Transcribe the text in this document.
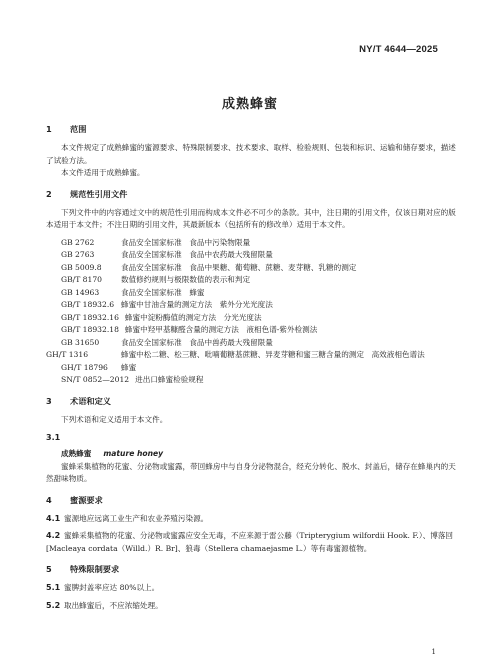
NY/T 4644—2025
成熟蜂蜜
1 范围

本文件规定了成熟蜂蜜的蜜源要求、特殊限制要求、技术要求、取样、检验规则、包装和标识、运输和储存要求，描述了试验方法。

本文件适用于成熟蜂蜜。

2 规范性引用文件

下列文件中的内容通过文中的规范性引用而构成本文件必不可少的条款。其中，注日期的引用文件，仅该日期对应的版本适用于本文件；不注日期的引用文件，其最新版本（包括所有的修改单）适用于本文件。

GB 2762	食品安全国家标准　食品中污染物限量

GB 2763	食品安全国家标准　食品中农药最大残留限量

GB 5009.8	食品安全国家标准　食品中果糖、葡萄糖、蔗糖、麦芽糖、乳糖的测定

GB/T 8170 数值修约规则与极限数值的表示和判定

GB 14963	食品安全国家标准　蜂蜜

GB/T 18932.6 蜂蜜中甘油含量的测定方法　紫外分光光度法

GB/T 18932.16 蜂蜜中淀粉酶值的测定方法　分光光度法

GB/T 18932.18 蜂蜜中羟甲基糠醛含量的测定方法　液相色谱-紫外检测法

GB 31650	食品安全国家标准　食品中兽药最大残留限量

GH/T 1316	蜂蜜中松二糖、松三糖、吡喃葡糖基蔗糖、异麦芽糖和蜜三糖含量的测定　高效液相色谱法

GH/T 18796 蜂蜜

SN/T 0852—2012 进出口蜂蜜检验规程

3 术语和定义

下列术语和定义适用于本文件。

3.1

成熟蜂蜜 mature honey

蜜蜂采集植物的花蜜、分泌物或蜜露，带回蜂房中与自身分泌物混合，经充分转化、脱水、封盖后，储存在蜂巢内的天然甜味物质。

4 蜜源要求

4.1 蜜源地应远离工业生产和农业养殖污染源。

4.2 蜜蜂采集植物的花蜜、分泌物或蜜露应安全无毒，不应来源于雷公藤（Tripterygium wilfordii Hook. F.）、博落回[Macleaya cordata（Willd.）R. Br]、狼毒（Stellera chamaejasme L.）等有毒蜜源植物。

5 特殊限制要求

5.1 蜜脾封盖率应达 80%以上。

5.2 取出蜂蜜后，不应浓缩处理。

1
